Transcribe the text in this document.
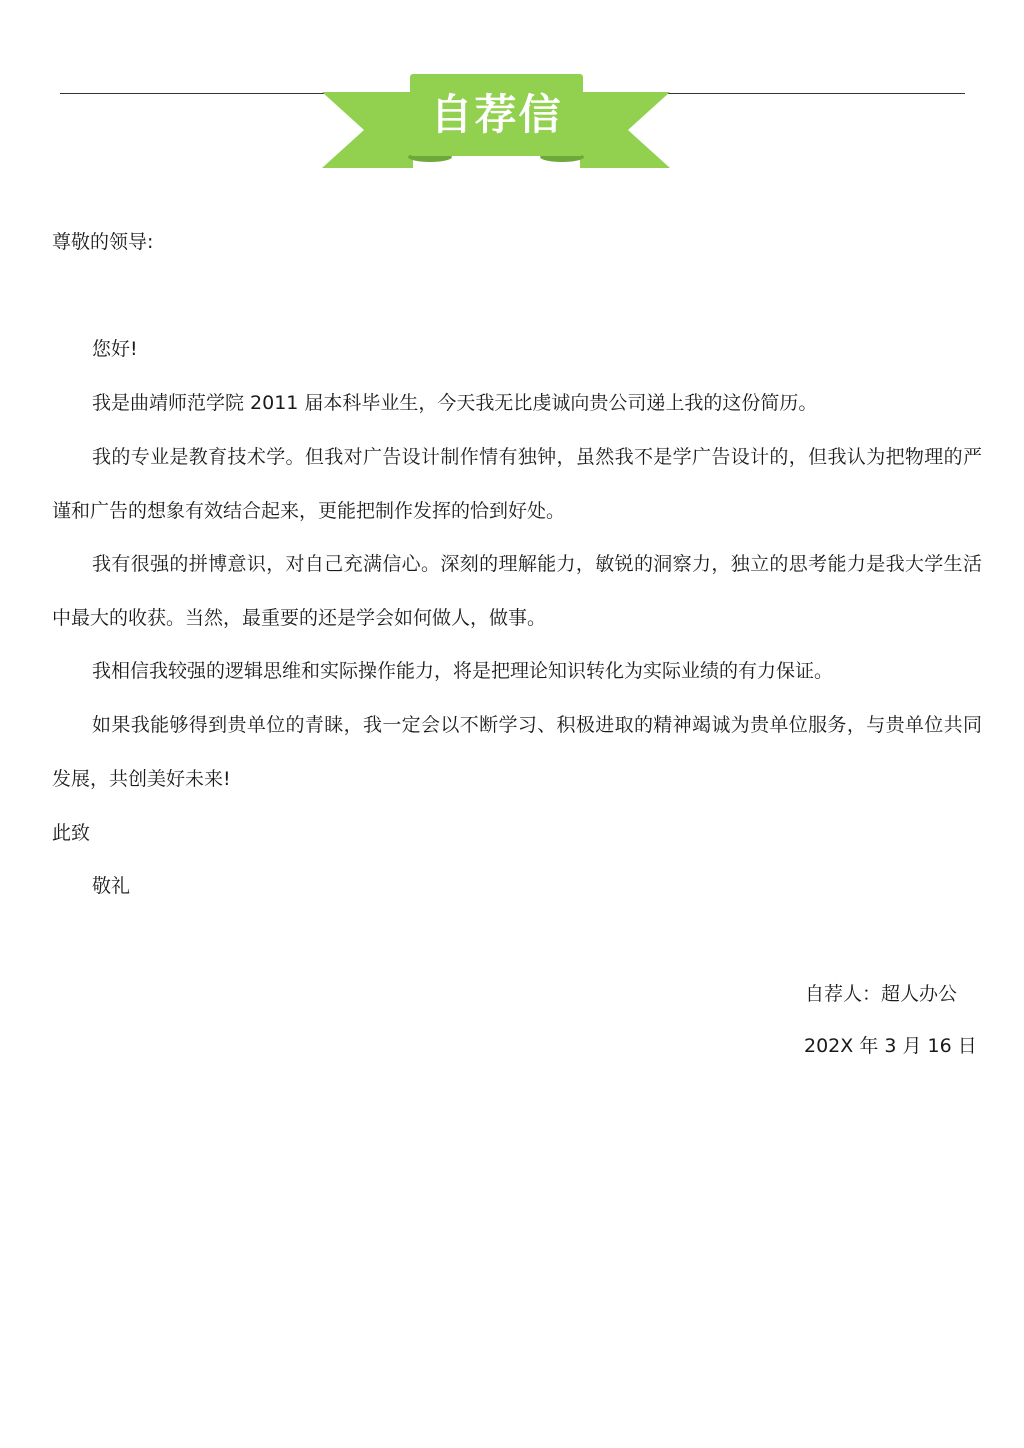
自荐信
尊敬的领导:
您好!

我是曲靖师范学院 2011 届本科毕业生，今天我无比虔诚向贵公司递上我的这份简历。

我的专业是教育技术学。但我对广告设计制作情有独钟，虽然我不是学广告设计的，但我认为把物理的严谨和广告的想象有效结合起来，更能把制作发挥的恰到好处。

我有很强的拼博意识，对自己充满信心。深刻的理解能力，敏锐的洞察力，独立的思考能力是我大学生活中最大的收获。当然，最重要的还是学会如何做人，做事。

我相信我较强的逻辑思维和实际操作能力，将是把理论知识转化为实际业绩的有力保证。

如果我能够得到贵单位的青睐，我一定会以不断学习、积极进取的精神竭诚为贵单位服务，与贵单位共同发展，共创美好未来!

此致
敬礼
自荐人：超人办公
202X 年 3 月 16 日
